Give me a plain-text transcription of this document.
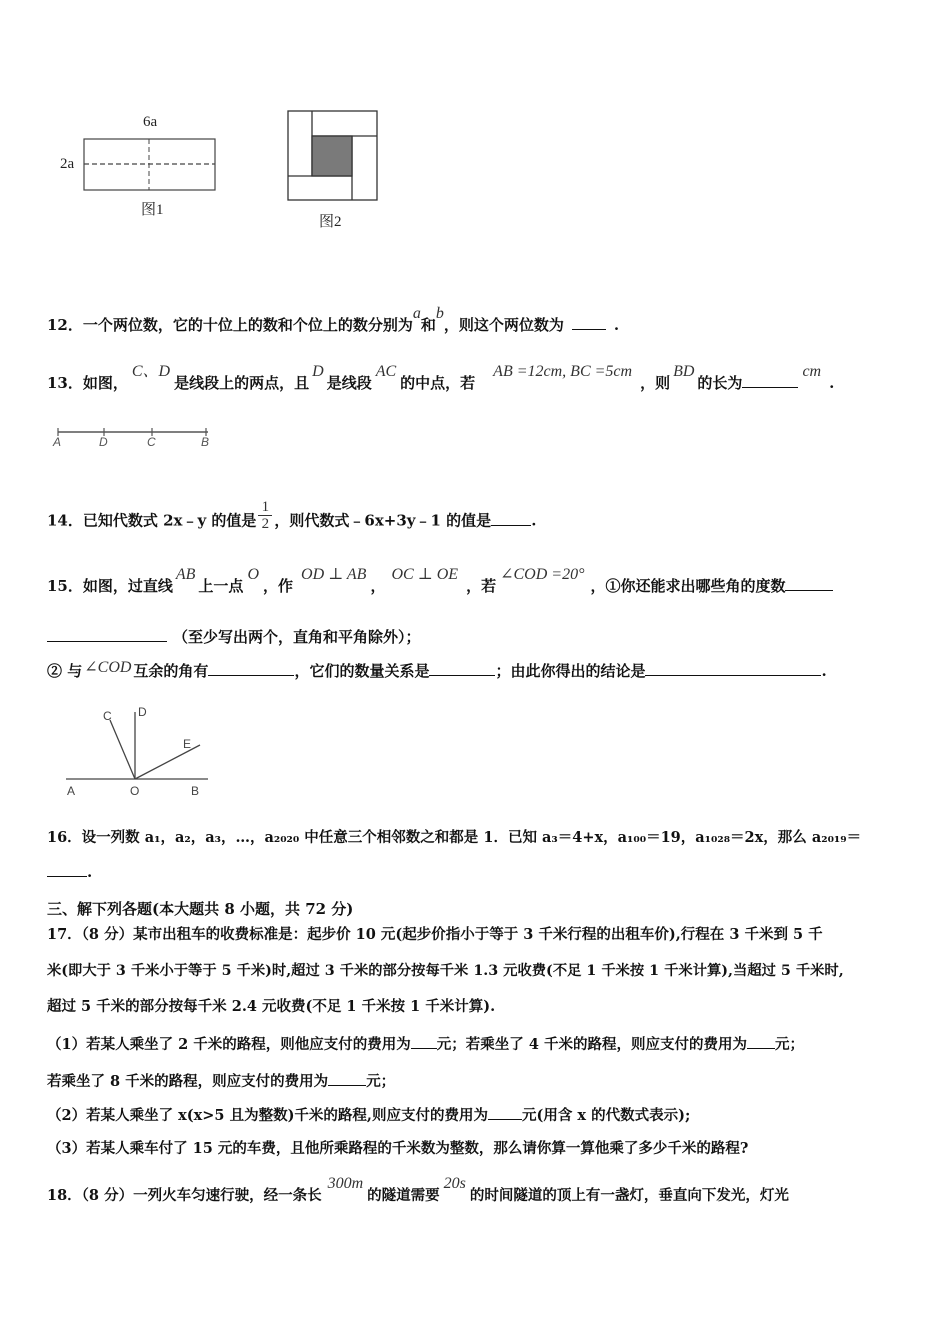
6a
2a
图1
图2
12．一个两位数，它的十位上的数和个位上的数分别为a和b，则这个两位数为	.
13．如图，C、D是线段上的两点，且D是线段AC的中点，若AB =12cm, BC =5cm，则BD的长为cm.
A	D	C	B
14．已知代数式 2x﹣y 的值是 $\frac{1}{2}$ ，则代数式﹣6x+3y﹣1 的值是	.
15．如图，过直线AB上一点O，作OD ⊥ AB，OC ⊥ OE，若∠COD =20°，①你还能求出哪些角的度数
（至少写出两个，直角和平角除外）；
② 与 ∠COD 互余的角有	，它们的数量关系是	；由此你得出的结论是	.
C D
E
A	O	B
16．设一列数 a₁，a₂，a₃，…，a₂₀₂₀ 中任意三个相邻数之和都是 1．已知 a₃＝4+x，a₁₀₀＝19，a₁₀₂₈＝2x，那么 a₂₀₁₉＝
.
三、解下列各题(本大题共 8 小题，共 72 分)
17．（8 分）某市出租车的收费标准是：起步价 10 元(起步价指小于等于 3 千米行程的出租车价),行程在 3 千米到 5 千
米(即大于 3 千米小于等于 5 千米)时,超过 3 千米的部分按每千米 1.3 元收费(不足 1 千米按 1 千米计算),当超过 5 千米时,
超过 5 千米的部分按每千米 2.4 元收费(不足 1 千米按 1 千米计算).
（1）若某人乘坐了 2 千米的路程，则他应支付的费用为 元；若乘坐了 4 千米的路程，则应支付的费用为 元；
若乘坐了 8 千米的路程，则应支付的费用为	元；
（2）若某人乘坐了 x(x>5 且为整数)千米的路程,则应支付的费用为 元(用含 x 的代数式表示);
（3）若某人乘车付了 15 元的车费，且他所乘路程的千米数为整数，那么请你算一算他乘了多少千米的路程?
18．（8 分）一列火车匀速行驶，经一条长300m的隧道需要20s的时间隧道的顶上有一盏灯，垂直向下发光，灯光
